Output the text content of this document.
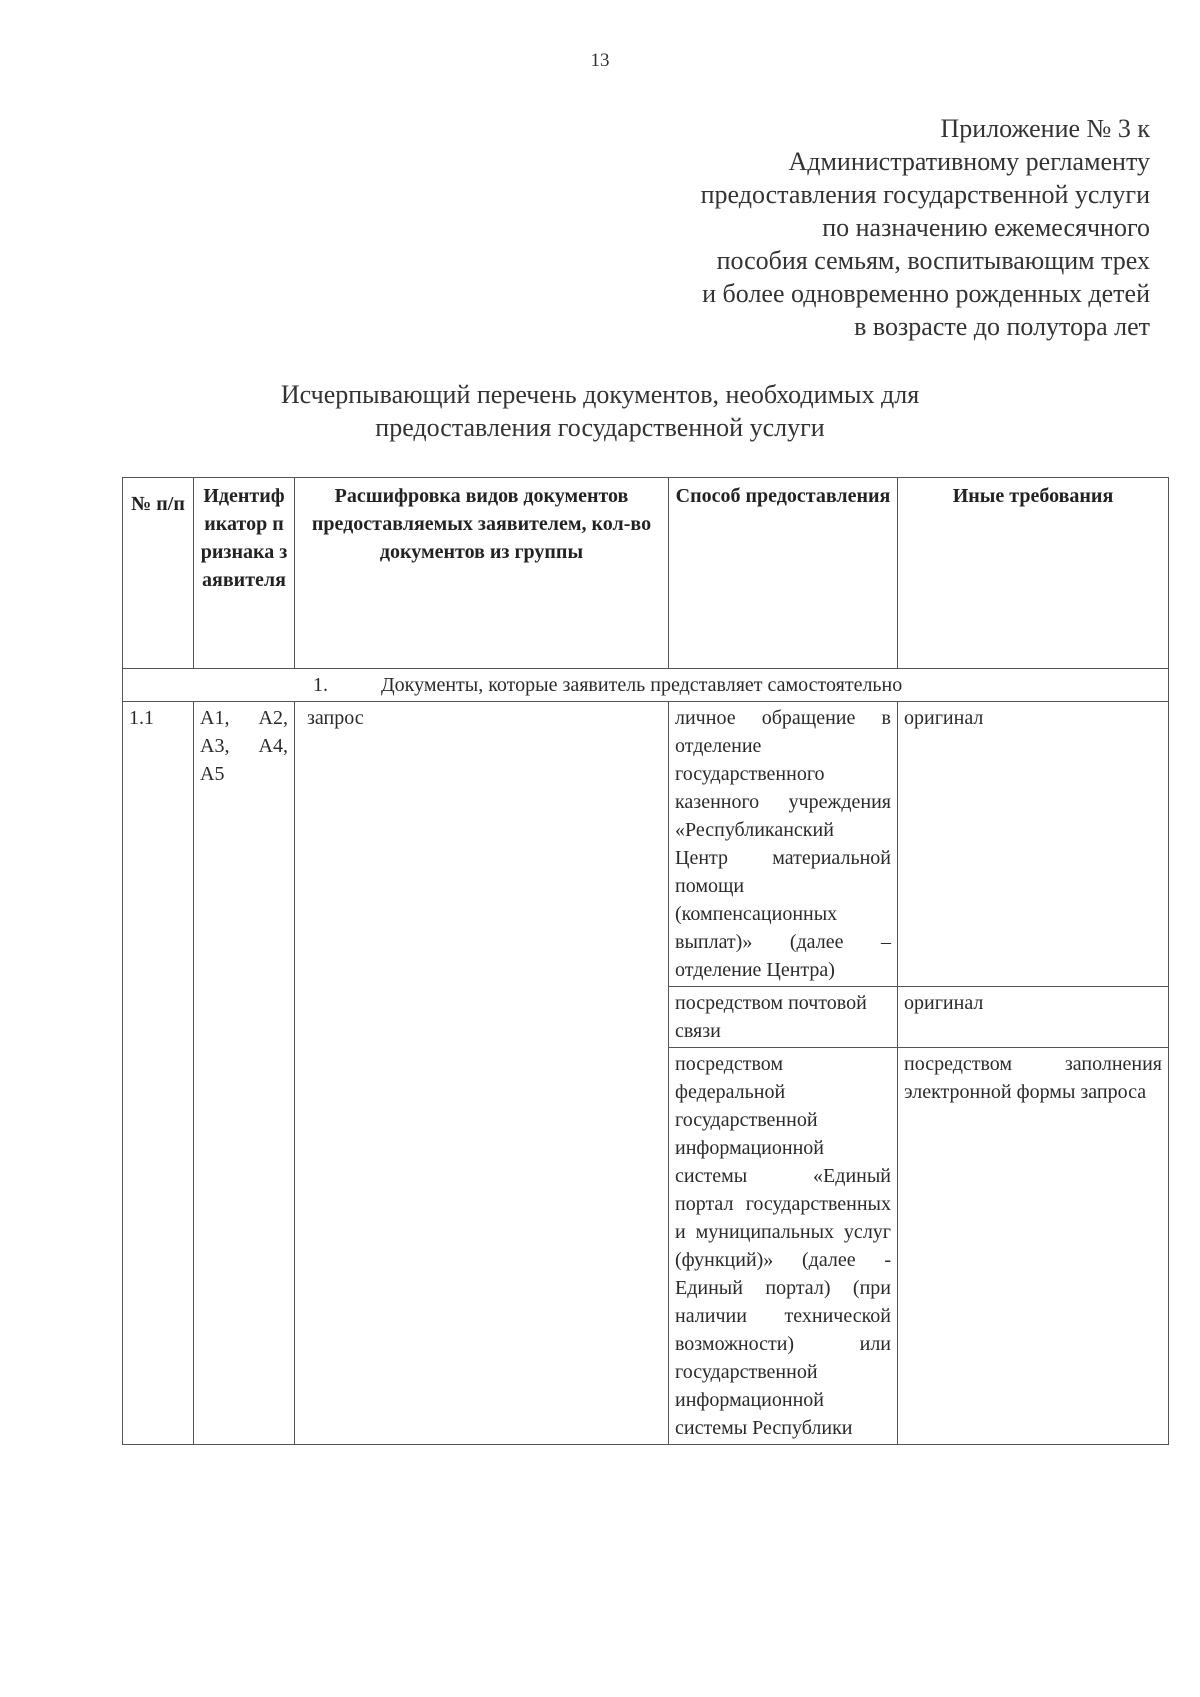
13
Приложение № 3 к
Административному регламенту
предоставления государственной услуги
по назначению ежемесячного
пособия семьям, воспитывающим трех
и более одновременно рожденных детей
в возрасте до полутора лет
Исчерпывающий перечень документов, необходимых для
предоставления государственной услуги
№ п/п	Идентификатор признака заявителя	Расшифровка видов документов предоставляемых заявителем, кол-во документов из группы	Способ предоставления	Иные требования

1. Документы, которые заявитель представляет самостоятельно				

1.1	А1, А2, А3, А4, А5	запрос	личное обращение в отделение государственного казенного учреждения «Республиканский Центр материальной помощи (компенсационных выплат)» (далее – отделение Центра)	оригинал
			посредством почтовой связи	оригинал
			посредством федеральной государственной информационной системы «Единый портал государственных и муниципальных услуг (функций)» (далее - Единый портал) (при наличии технической возможности) или государственной информационной системы Республики	посредством заполнения электронной формы запроса
